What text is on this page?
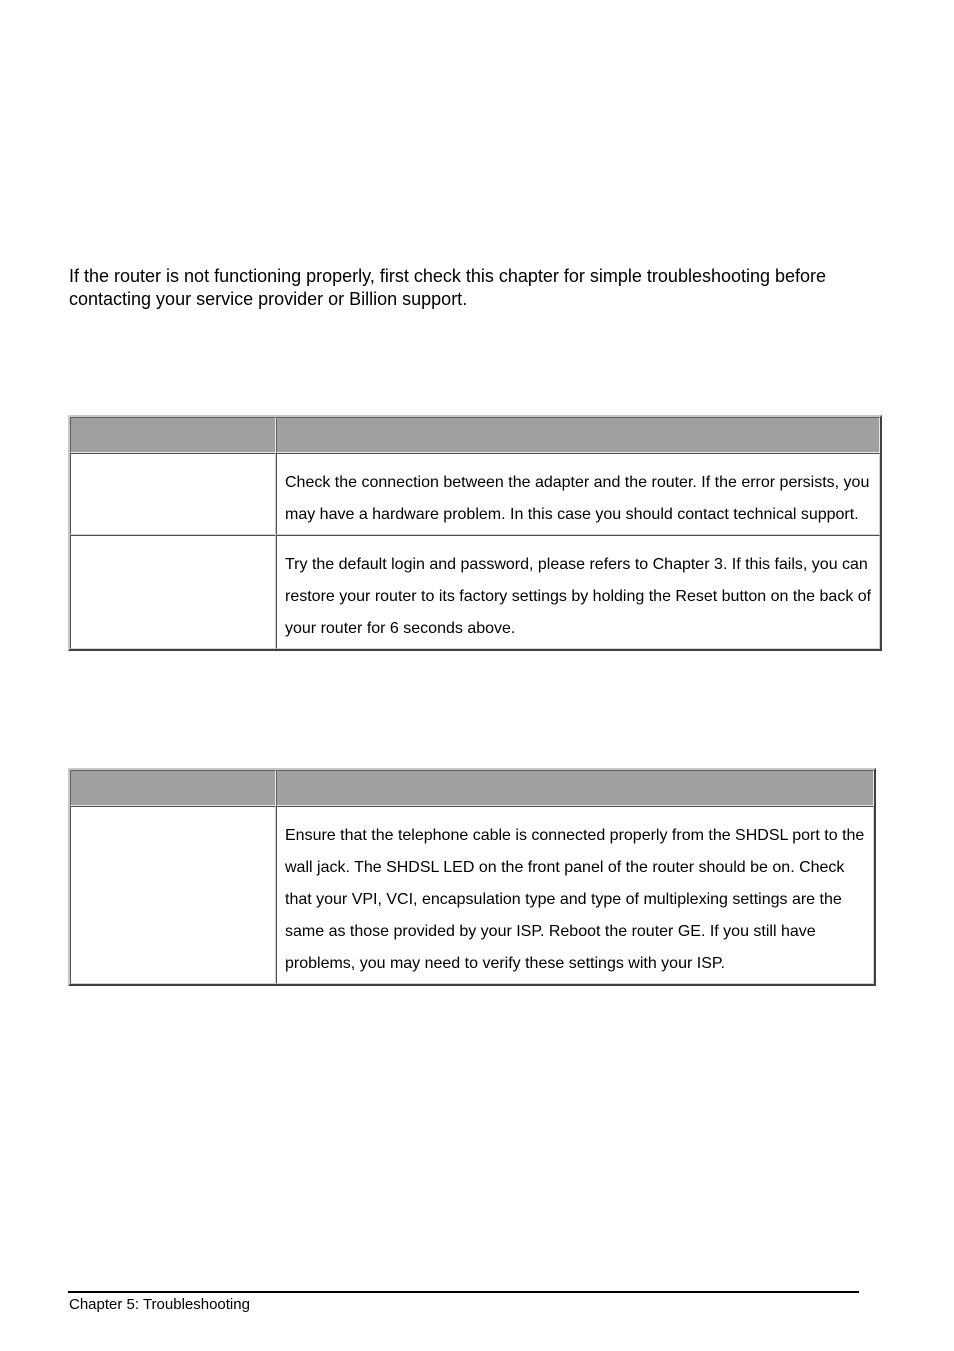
If the router is not functioning properly, first check this chapter for simple troubleshooting before contacting your service provider or Billion support.

	Check the connection between the adapter and the router. If the error persists, you may have a hardware problem. In this case you should contact technical support.

	Try the default login and password, please refers to Chapter 3. If this fails, you can restore your router to its factory settings by holding the Reset button on the back of your router for 6 seconds above.

	Ensure that the telephone cable is connected properly from the SHDSL port to the wall jack. The SHDSL LED on the front panel of the router should be on. Check that your VPI, VCI, encapsulation type and type of multiplexing settings are the same as those provided by your ISP. Reboot the router GE. If you still have problems, you may need to verify these settings with your ISP.
Chapter 5: Troubleshooting
